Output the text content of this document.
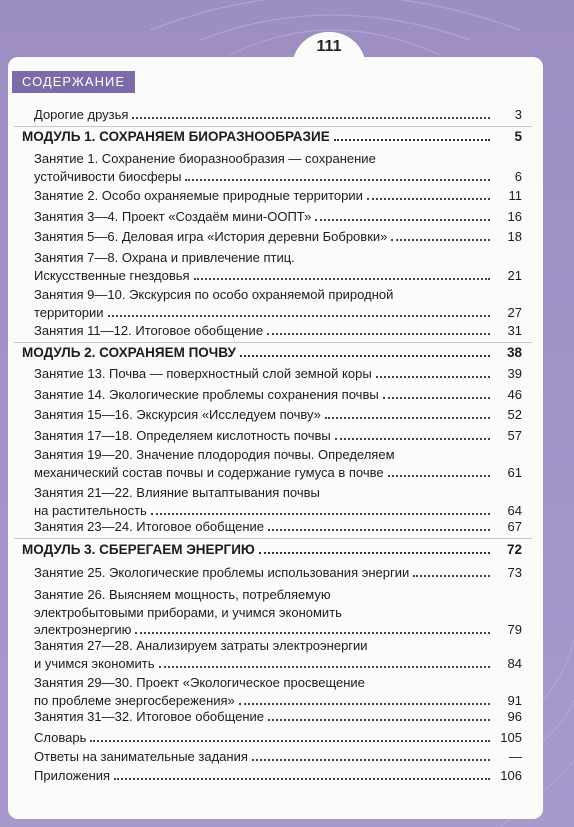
111
СОДЕРЖАНИЕ
Дорогие друзья	3
МОДУЛЬ 1. СОХРАНЯЕМ БИОРАЗНООБРАЗИЕ	5
Занятие 1. Сохранение биоразнообразия — сохранение
устойчивости биосферы	6
Занятие 2. Особо охраняемые природные территории	11
Занятия 3—4. Проект «Создаём мини-ООПТ»	16
Занятия 5—6. Деловая игра «История деревни Бобровки»	18
Занятия 7—8. Охрана и привлечение птиц.
Искусственные гнездовья	21
Занятия 9—10. Экскурсия по особо охраняемой природной
территории	27
Занятия 11—12. Итоговое обобщение	31
МОДУЛЬ 2. СОХРАНЯЕМ ПОЧВУ	38
Занятие 13. Почва — поверхностный слой земной коры	39
Занятие 14. Экологические проблемы сохранения почвы	46
Занятия 15—16. Экскурсия «Исследуем почву»	52
Занятия 17—18. Определяем кислотность почвы	57
Занятия 19—20. Значение плодородия почвы. Определяем
механический состав почвы и содержание гумуса в почве	61
Занятия 21—22. Влияние вытаптывания почвы
на растительность	64
Занятия 23—24. Итоговое обобщение	67
МОДУЛЬ 3. СБЕРЕГАЕМ ЭНЕРГИЮ	72
Занятие 25. Экологические проблемы использования энергии	73
Занятие 26. Выясняем мощность, потребляемую
электробытовыми приборами, и учимся экономить
электроэнергию	79
Занятия 27—28. Анализируем затраты электроэнергии
и учимся экономить	84
Занятия 29—30. Проект «Экологическое просвещение
по проблеме энергосбережения»	91
Занятия 31—32. Итоговое обобщение	96
Словарь	105
Ответы на занимательные задания	—
Приложения	106
